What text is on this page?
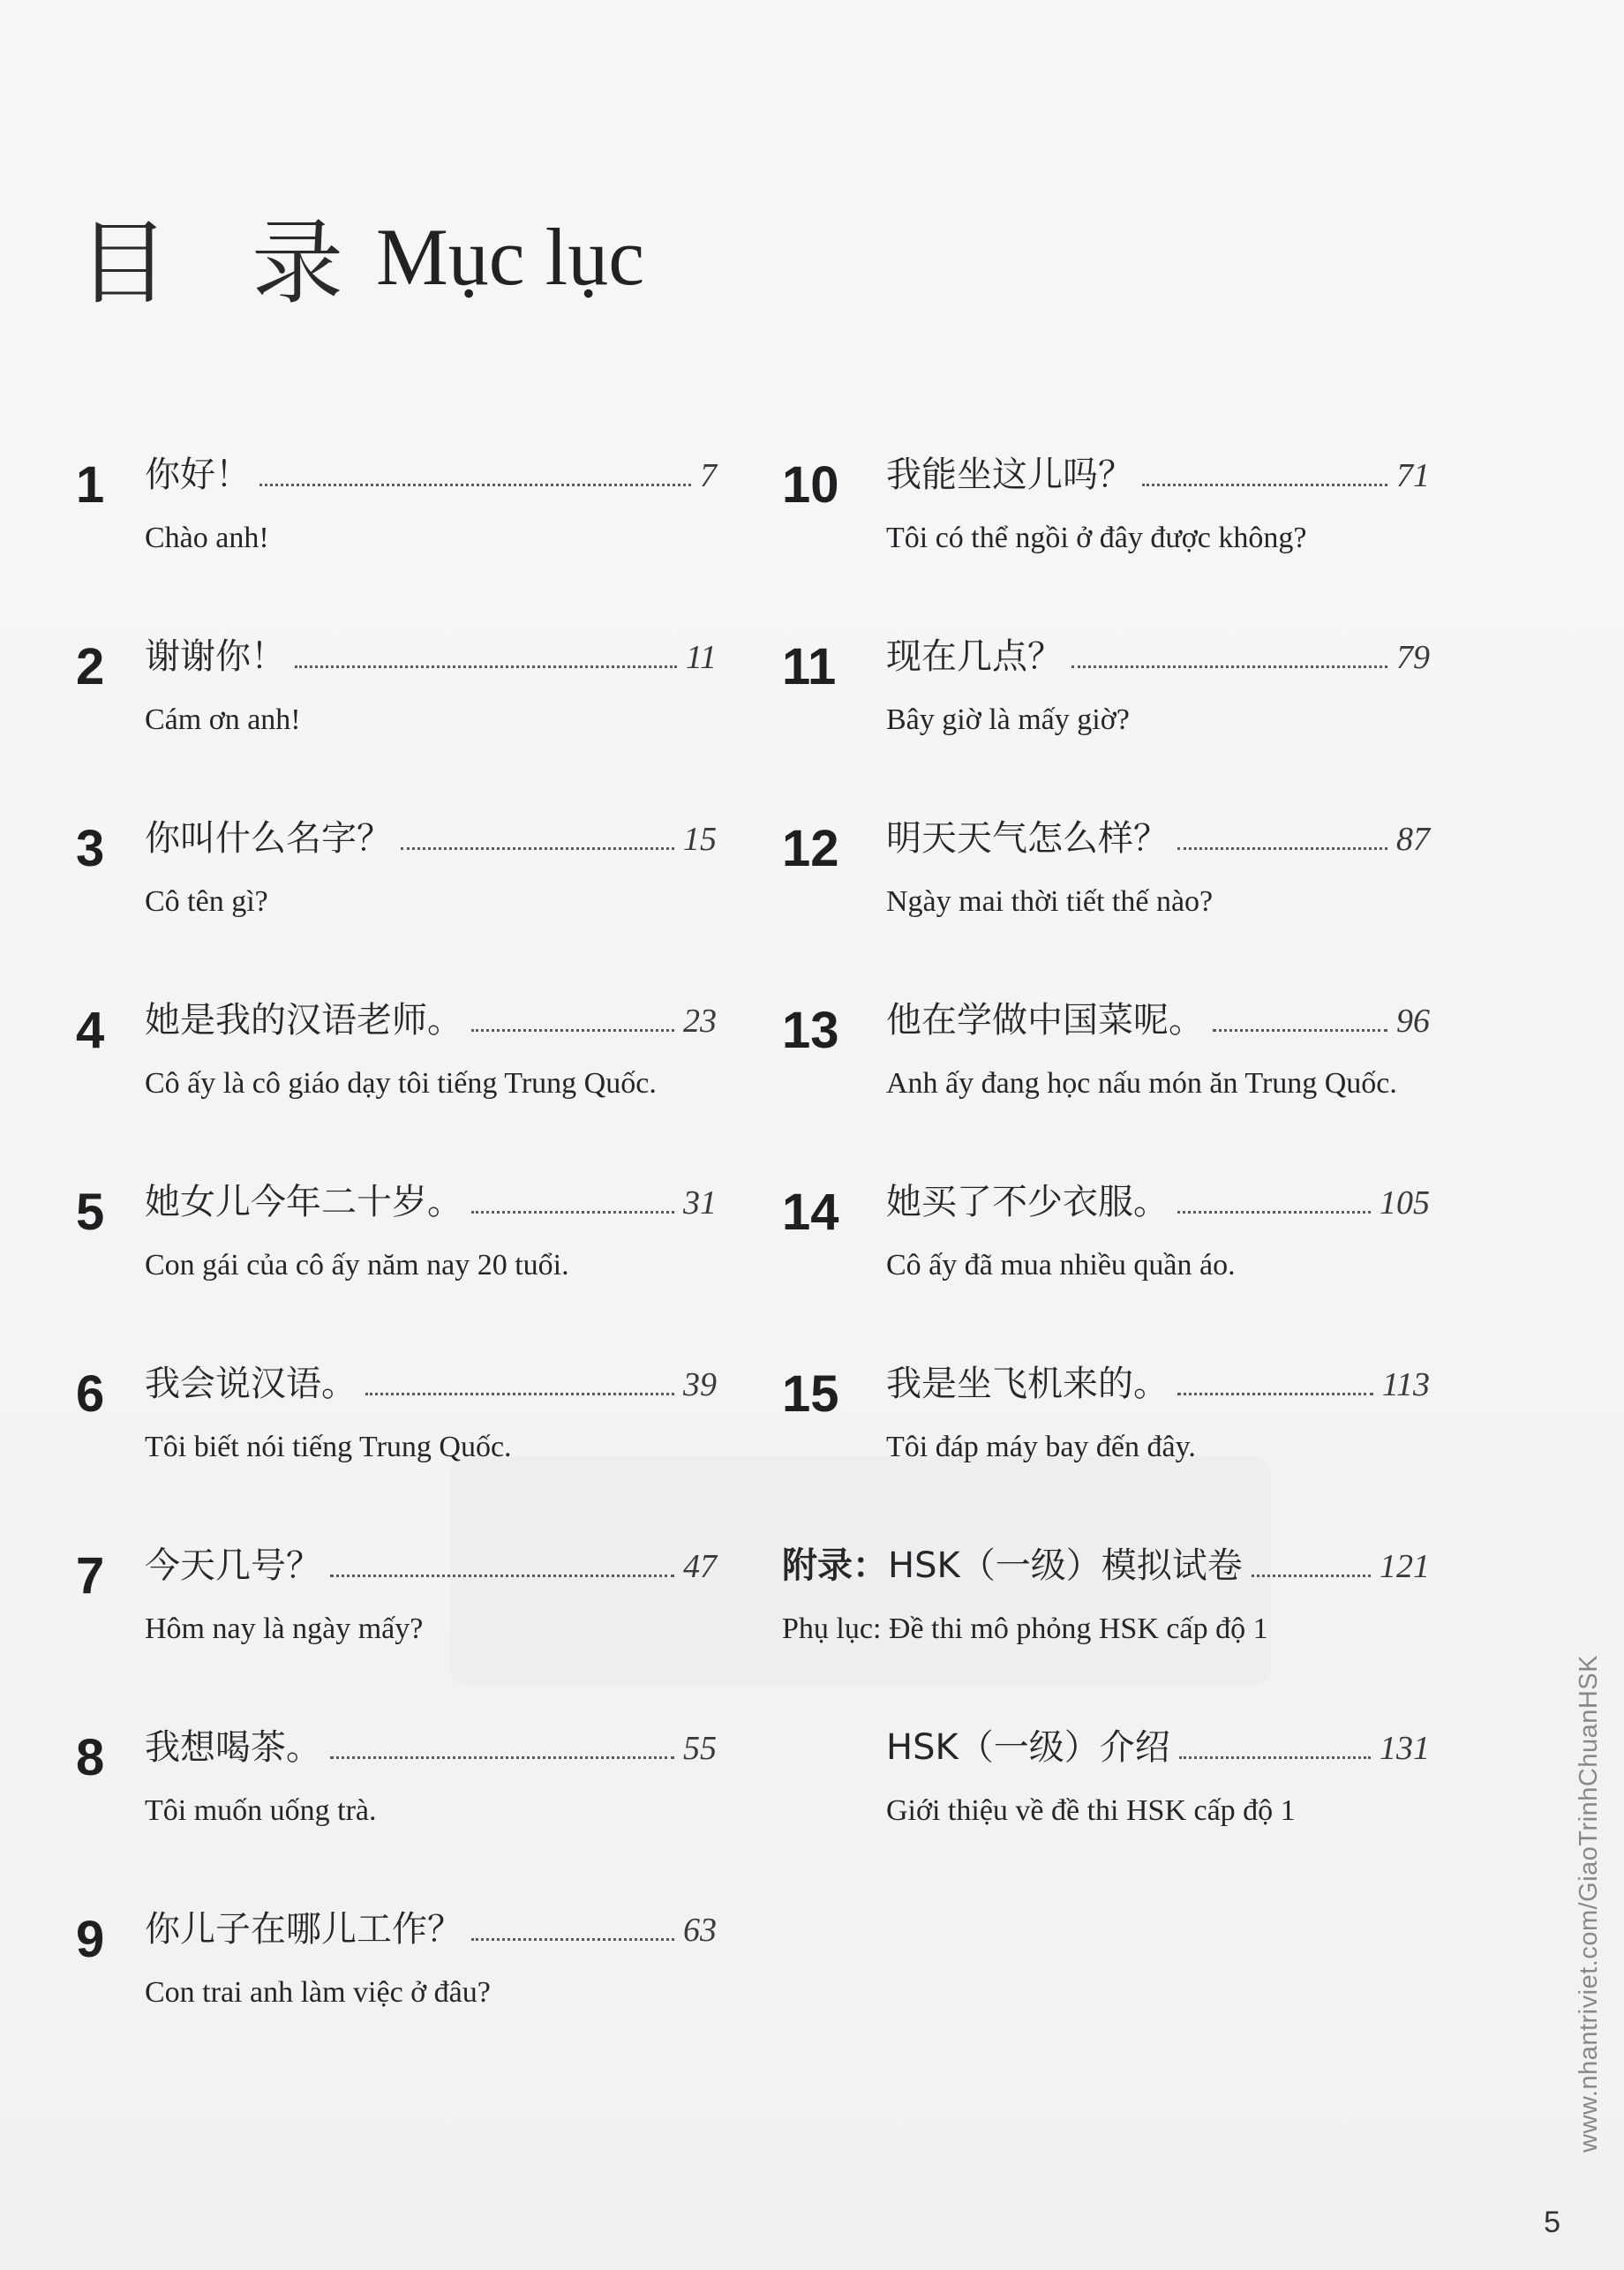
目 录 Mục lục
1	你好！	7
Chào anh!
2	谢谢你！	11
Cám ơn anh!
3	你叫什么名字？	15
Cô tên gì?
4	她是我的汉语老师。	23
Cô ấy là cô giáo dạy tôi tiếng Trung Quốc.
5	她女儿今年二十岁。	31
Con gái của cô ấy năm nay 20 tuổi.
6	我会说汉语。	39
Tôi biết nói tiếng Trung Quốc.
7	今天几号？	47
Hôm nay là ngày mấy?
8	我想喝茶。	55
Tôi muốn uống trà.
9	你儿子在哪儿工作？	63
Con trai anh làm việc ở đâu?
10	我能坐这儿吗？	71
Tôi có thể ngồi ở đây được không?
11	现在几点？	79
Bây giờ là mấy giờ?
12	明天天气怎么样？	87
Ngày mai thời tiết thế nào?
13	他在学做中国菜呢。	96
Anh ấy đang học nấu món ăn Trung Quốc.
14	她买了不少衣服。	105
Cô ấy đã mua nhiều quần áo.
15	我是坐飞机来的。	113
Tôi đáp máy bay đến đây.
附录： HSK（一级）模拟试卷	121
Phụ lục: Đề thi mô phỏng HSK cấp độ 1
HSK（一级）介绍	131
Giới thiệu về đề thi HSK cấp độ 1	www.nhantriviet.com/GiaoTrinhChuanHSK
5
